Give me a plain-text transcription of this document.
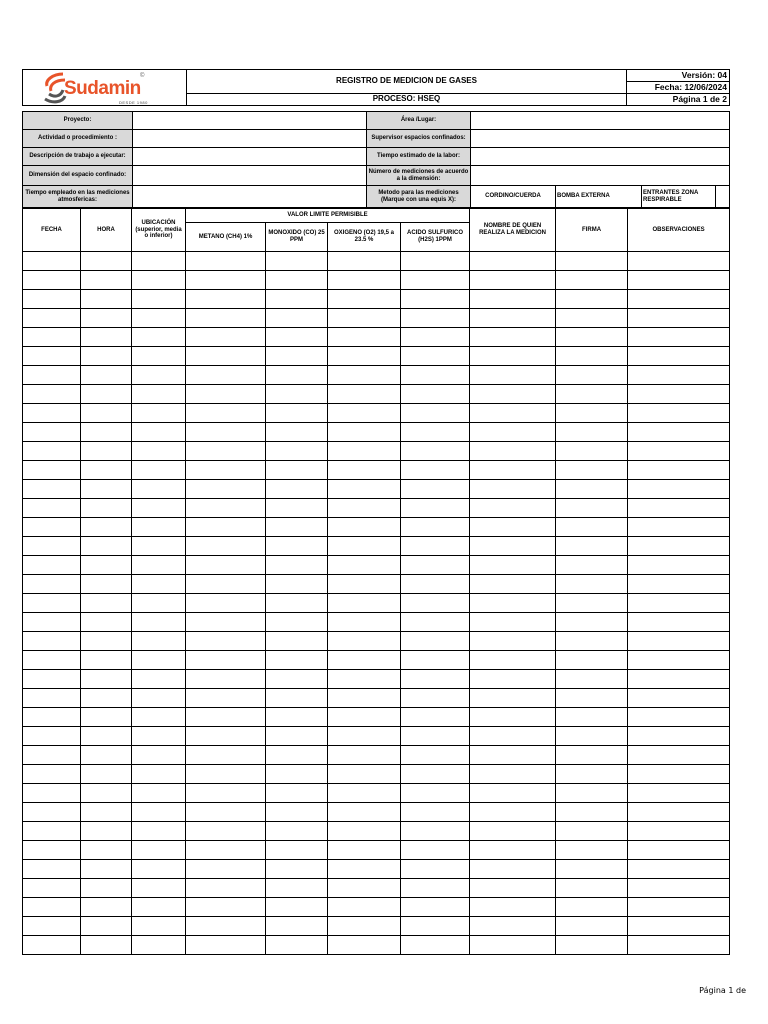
Sudamin
©
DESDE 1980	REGISTRO DE MEDICION DE GASES	Versión: 04
		Fecha: 12/06/2024
	PROCESO: HSEQ	Página 1 de 2
Proyecto:		Área /Lugar:				
Actividad o procedimiento :		Supervisor espacios confinados:				
Descripción de trabajo a ejecutar:		Tiempo estimado de la labor:				
Dimensión del espacio confinado:		Número de mediciones de acuerdo a la dimensión:				
Tiempo empleado en las mediciones atmosfericas:		Metodo para las mediciones (Marque con una equis X):	CORDINO/CUERDA	BOMBA EXTERNA	ENTRANTES ZONA RESPIRABLE	
FECHA	HORA	UBICACIÓN (superior, media o inferior)	VALOR LIMITE PERMISIBLE				NOMBRE DE QUIEN REALIZA LA MEDICION	FIRMA	OBSERVACIONES
			METANO (CH4) 1%	MONOXIDO (CO) 25 PPM	OXIGENO (O2) 19,5 a 23.5 %	ACIDO SULFURICO (H2S) 1PPM			

Página 1 de
